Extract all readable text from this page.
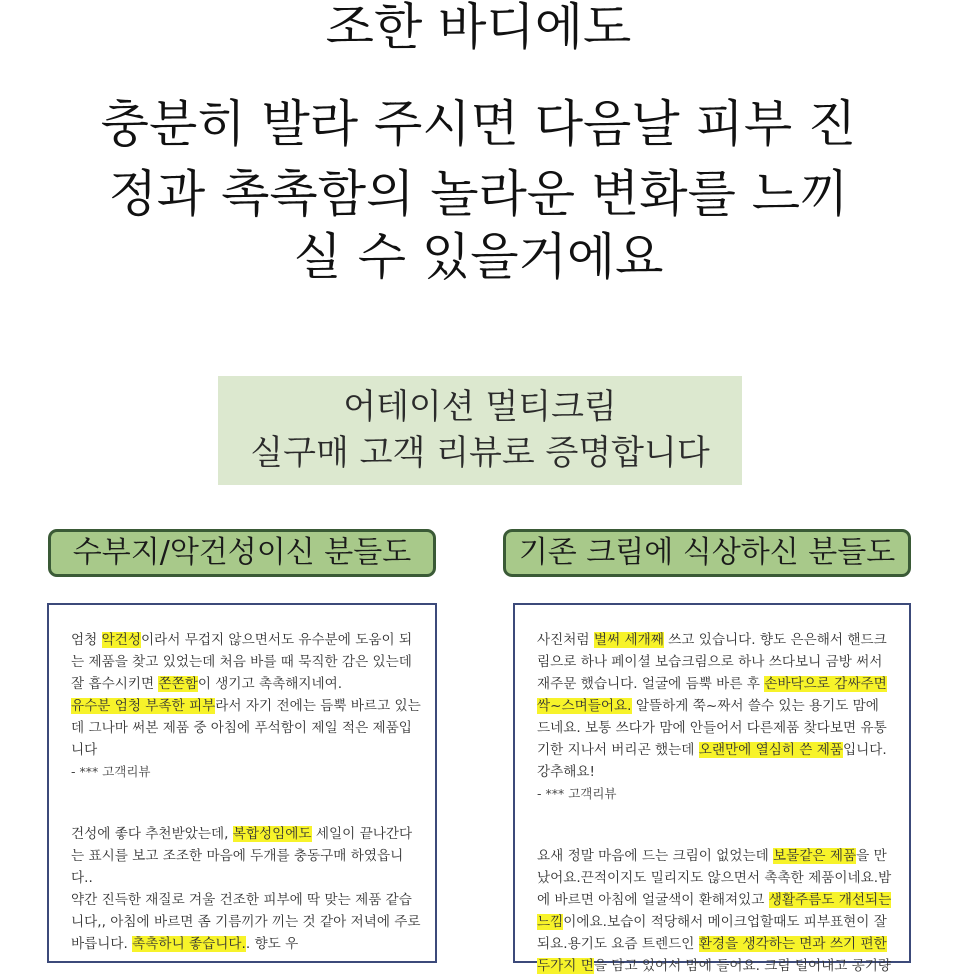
조한 바디에도
충분히 발라 주시면 다음날 피부 진
정과 촉촉함의 놀라운 변화를 느끼
실 수 있을거에요
어테이션 멀티크림
실구매 고객 리뷰로 증명합니다
수부지/악건성이신 분들도	기존 크림에 식상하신 분들도
엄청 악건성이라서 무겁지 않으면서도 유수분에 도움이 되는 제품을 찾고 있었는데 처음 바를 때 묵직한 감은 있는데 잘 흡수시키면 쫀쫀함이 생기고 촉촉해지네여.
유수분 엄청 부족한 피부라서 자기 전에는 듬뿍 바르고 있는데 그나마 써본 제품 중 아침에 푸석함이 제일 적은 제품입니다
- *** 고객리뷰
건성에 좋다 추천받았는데, 복합성임에도 세일이 끝나간다는 표시를 보고 조조한 마음에 두개를 충동구매 하였읍니다..
약간 진득한 재질로 겨울 건조한 피부에 딱 맞는 제품 같습니다,, 아침에 바르면 좀 기름끼가 끼는 것 같아 저녁에 주로 바릅니다. 촉촉하니 좋습니다.. 향도 우
사진처럼 벌써 세개째 쓰고 있습니다. 향도 은은해서 핸드크림으로 하나 페이셜 보습크림으로 하나 쓰다보니 금방 써서 재주문 했습니다. 얼굴에 듬뿍 바른 후 손바닥으로 감싸주면 싹~스며들어요. 알뜰하게 쭉~짜서 쓸수 있는 용기도 맘에 드네요. 보통 쓰다가 맘에 안들어서 다른제품 찾다보면 유통기한 지나서 버리곤 했는데 오랜만에 열심히 쓴 제품입니다. 강추해요!
- *** 고객리뷰
요새 정말 마음에 드는 크림이 없었는데 보물같은 제품을 만났어요.끈적이지도 밀리지도 않으면서 촉촉한 제품이네요.밤에 바르면 아침에 얼굴색이 환해져있고 생활주름도 개선되는 느낌이에요.보습이 적당해서 메이크업할때도 피부표현이 잘되요.용기도 요즘 트렌드인 환경을 생각하는 면과 쓰기 편한 두가지 면을 담고 있어서 맘에 들어요. 크림 덜어내고 공기량
